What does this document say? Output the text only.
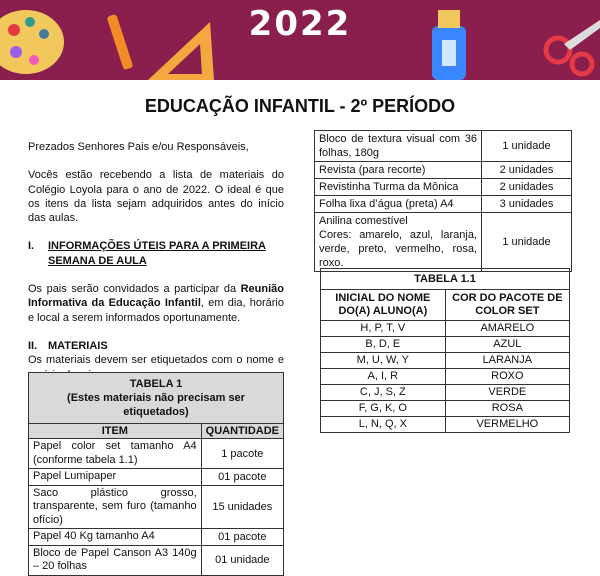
2022
EDUCAÇÃO INFANTIL - 2º PERÍODO

Prezados Senhores Pais e/ou Responsáveis,

Vocês estão recebendo a lista de materiais do Colégio Loyola para o ano de 2022. O ideal é que os itens da lista sejam adquiridos antes do início das aulas.

I.	INFORMAÇÕES ÚTEIS PARA A PRIMEIRA SEMANA DE AULA

Os pais serão convidados a participar da Reunião Informativa da Educação Infantil, em dia, horário e local a serem informados oportunamente.

II. MATERIAIS

Os materiais devem ser etiquetados com o nome e

TABELA 1
(Estes materiais não precisam ser etiquetados)	

ITEM	QUANTIDADE
Papel color set tamanho A4 (conforme tabela 1.1)	1 pacote
Papel Lumipaper	01 pacote
Saco plástico grosso, transparente, sem furo (tamanho ofício)	15 unidades
Papel 40 Kg tamanho A4	01 pacote
Bloco de Papel Canson A3 140g – 20 folhas	01 unidade
Bloco de textura visual com 36 folhas, 180g	1 unidade
Revista (para recorte)	2 unidades
Revistinha Turma da Mônica	2 unidades
Folha lixa d’água (preta) A4	3 unidades
Anilina comestível
Cores: amarelo, azul, laranja, verde, preto, vermelho, rosa, roxo.	1 unidade
TABELA 1.1	
INICIAL DO NOME DO(A) ALUNO(A)	COR DO PACOTE DE COLOR SET
H, P, T, V	AMARELO
B, D, E	AZUL
M, U, W, Y	LARANJA
A, I, R	ROXO
C, J, S, Z	VERDE
F, G, K, O	ROSA
L, N, Q, X	VERMELHO
